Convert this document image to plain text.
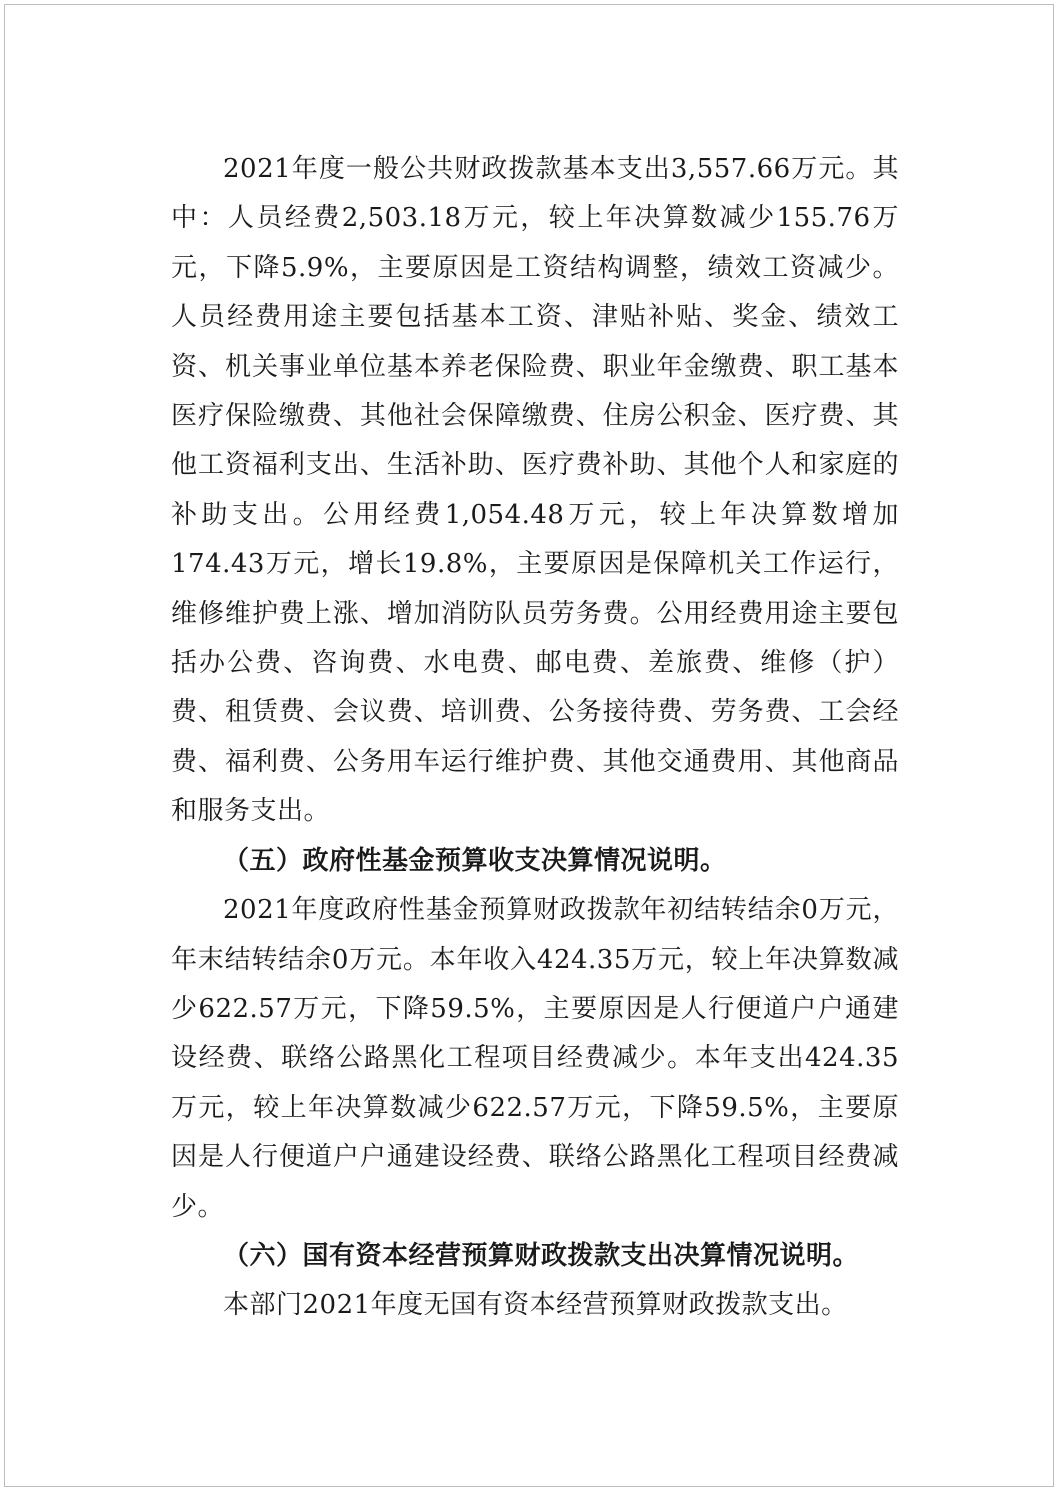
2021年度一般公共财政拨款基本支出3,557.66万元。其中：人员经费2,503.18万元，较上年决算数减少155.76万元，下降5.9%，主要原因是工资结构调整，绩效工资减少。人员经费用途主要包括基本工资、津贴补贴、奖金、绩效工资、机关事业单位基本养老保险费、职业年金缴费、职工基本医疗保险缴费、其他社会保障缴费、住房公积金、医疗费、其他工资福利支出、生活补助、医疗费补助、其他个人和家庭的补助支出。公用经费1,054.48万元，较上年决算数增加174.43万元，增长19.8%，主要原因是保障机关工作运行，维修维护费上涨、增加消防队员劳务费。公用经费用途主要包括办公费、咨询费、水电费、邮电费、差旅费、维修（护）费、租赁费、会议费、培训费、公务接待费、劳务费、工会经费、福利费、公务用车运行维护费、其他交通费用、其他商品和服务支出。

（五）政府性基金预算收支决算情况说明。

2021年度政府性基金预算财政拨款年初结转结余0万元，年末结转结余0万元。本年收入424.35万元，较上年决算数减少622.57万元，下降59.5%，主要原因是人行便道户户通建设经费、联络公路黑化工程项目经费减少。本年支出424.35万元，较上年决算数减少622.57万元，下降59.5%，主要原因是人行便道户户通建设经费、联络公路黑化工程项目经费减少。

（六）国有资本经营预算财政拨款支出决算情况说明。

本部门2021年度无国有资本经营预算财政拨款支出。
